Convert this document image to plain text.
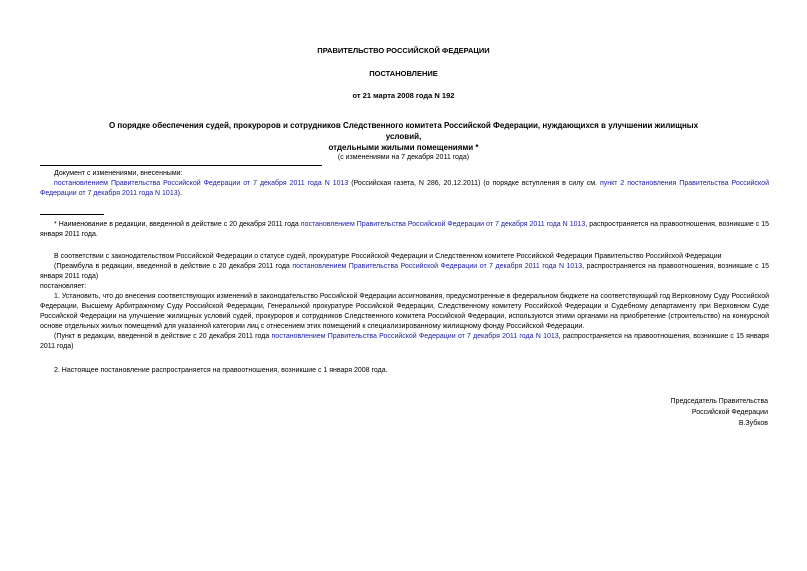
ПРАВИТЕЛЬСТВО РОССИЙСКОЙ ФЕДЕРАЦИИ
ПОСТАНОВЛЕНИЕ
от 21 марта 2008 года N 192
О порядке обеспечения судей, прокуроров и сотрудников Следственного комитета Российской Федерации, нуждающихся в улучшении жилищных условий,
отдельными жилыми помещениями *
(с изменениями на 7 декабря 2011 года)

Документ с изменениями, внесенными:

постановлением Правительства Российской Федерации от 7 декабря 2011 года N 1013 (Российская газета, N 286, 20.12.2011) (о порядке вступления в силу см. пункт 2 постановления Правительства Российской Федерации от 7 декабря 2011 года N 1013).

* Наименование в редакции, введенной в действие с 20 декабря 2011 года постановлением Правительства Российской Федерации от 7 декабря 2011 года N 1013, распространяется на правоотношения, возникшие с 15 января 2011 года.

В соответствии с законодательством Российской Федерации о статусе судей, прокуратуре Российской Федерации и Следственном комитете Российской Федерации Правительство Российской Федерации

(Преамбула в редакции, введенной в действие с 20 декабря 2011 года постановлением Правительства Российской Федерации от 7 декабря 2011 года N 1013, распространяется на правоотношения, возникшие с 15 января 2011 года)

постановляет:

1. Установить, что до внесения соответствующих изменений в законодательство Российской Федерации ассигнования, предусмотренные в федеральном бюджете на соответствующий год Верховному Суду Российской Федерации, Высшему Арбитражному Суду Российской Федерации, Генеральной прокуратуре Российской Федерации, Следственному комитету Российской Федерации и Судебному департаменту при Верховном Суде Российской Федерации на улучшение жилищных условий судей, прокуроров и сотрудников Следственного комитета Российской Федерации, используются этими органами на приобретение (строительство) на конкурсной основе отдельных жилых помещений для указанной категории лиц с отнесением этих помещений к специализированному жилищному фонду Российской Федерации.

(Пункт в редакции, введенной в действие с 20 декабря 2011 года постановлением Правительства Российской Федерации от 7 декабря 2011 года N 1013, распространяется на правоотношения, возникшие с 15 января 2011 года)

2. Настоящее постановление распространяется на правоотношения, возникшие с 1 января 2008 года.

Председатель Правительства
Российской Федерации
В.Зубков
